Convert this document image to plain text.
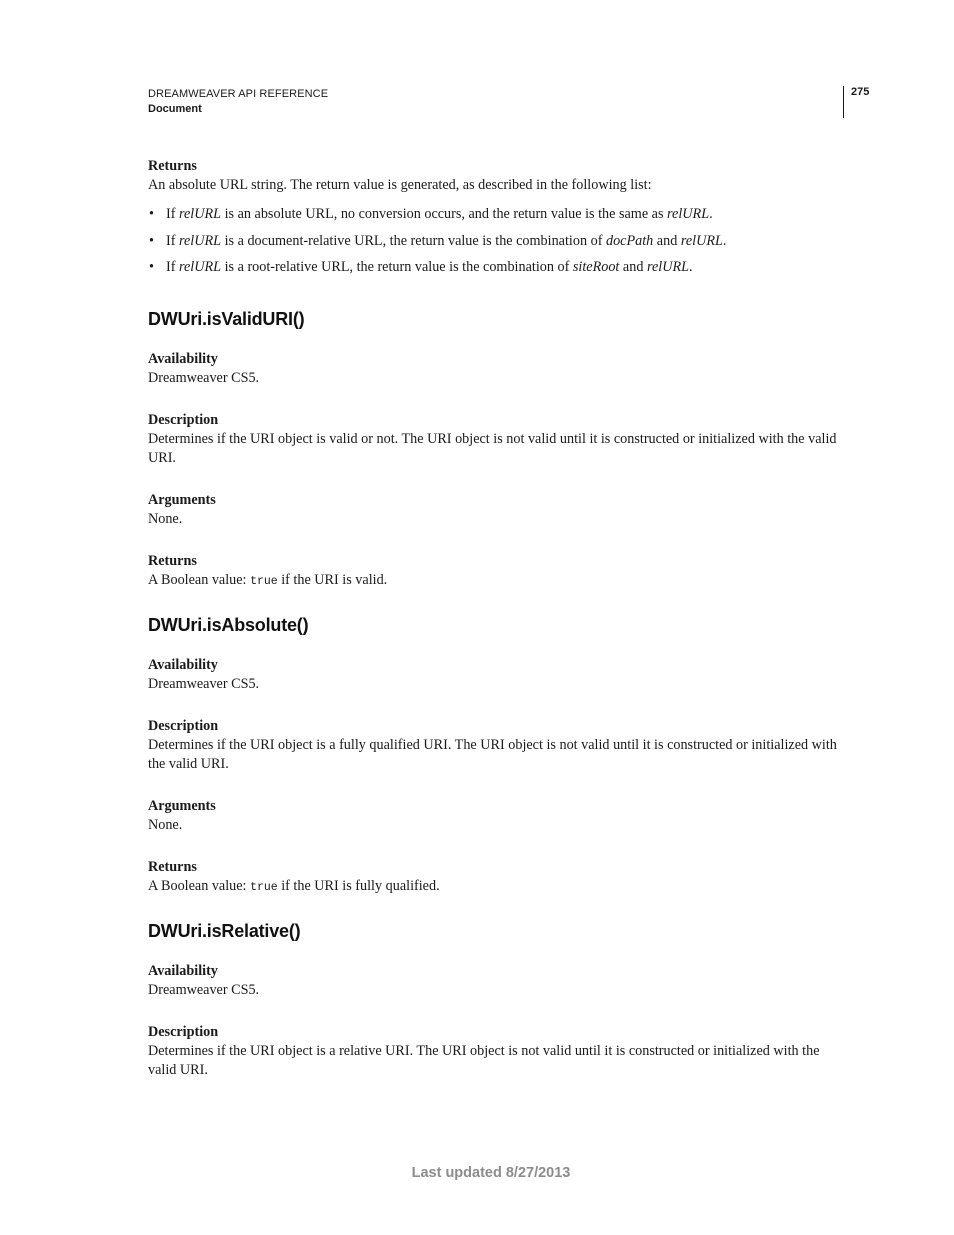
DREAMWEAVER API REFERENCE
Document
275
Returns

An absolute URL string. The return value is generated, as described in the following list:

• If relURL is an absolute URL, no conversion occurs, and the return value is the same as relURL.
• If relURL is a document-relative URL, the return value is the combination of docPath and relURL.
• If relURL is a root-relative URL, the return value is the combination of siteRoot and relURL.
DWUri.isValidURI()
Availability

Dreamweaver CS5.

Description

Determines if the URI object is valid or not. The URI object is not valid until it is constructed or initialized with the valid URI.

Arguments

None.

Returns

A Boolean value: true if the URI is valid.

DWUri.isAbsolute()
Availability

Dreamweaver CS5.

Description

Determines if the URI object is a fully qualified URI. The URI object is not valid until it is constructed or initialized with the valid URI.

Arguments

None.

Returns

A Boolean value: true if the URI is fully qualified.

DWUri.isRelative()
Availability

Dreamweaver CS5.

Description

Determines if the URI object is a relative URI. The URI object is not valid until it is constructed or initialized with the valid URI.

Last updated 8/27/2013
